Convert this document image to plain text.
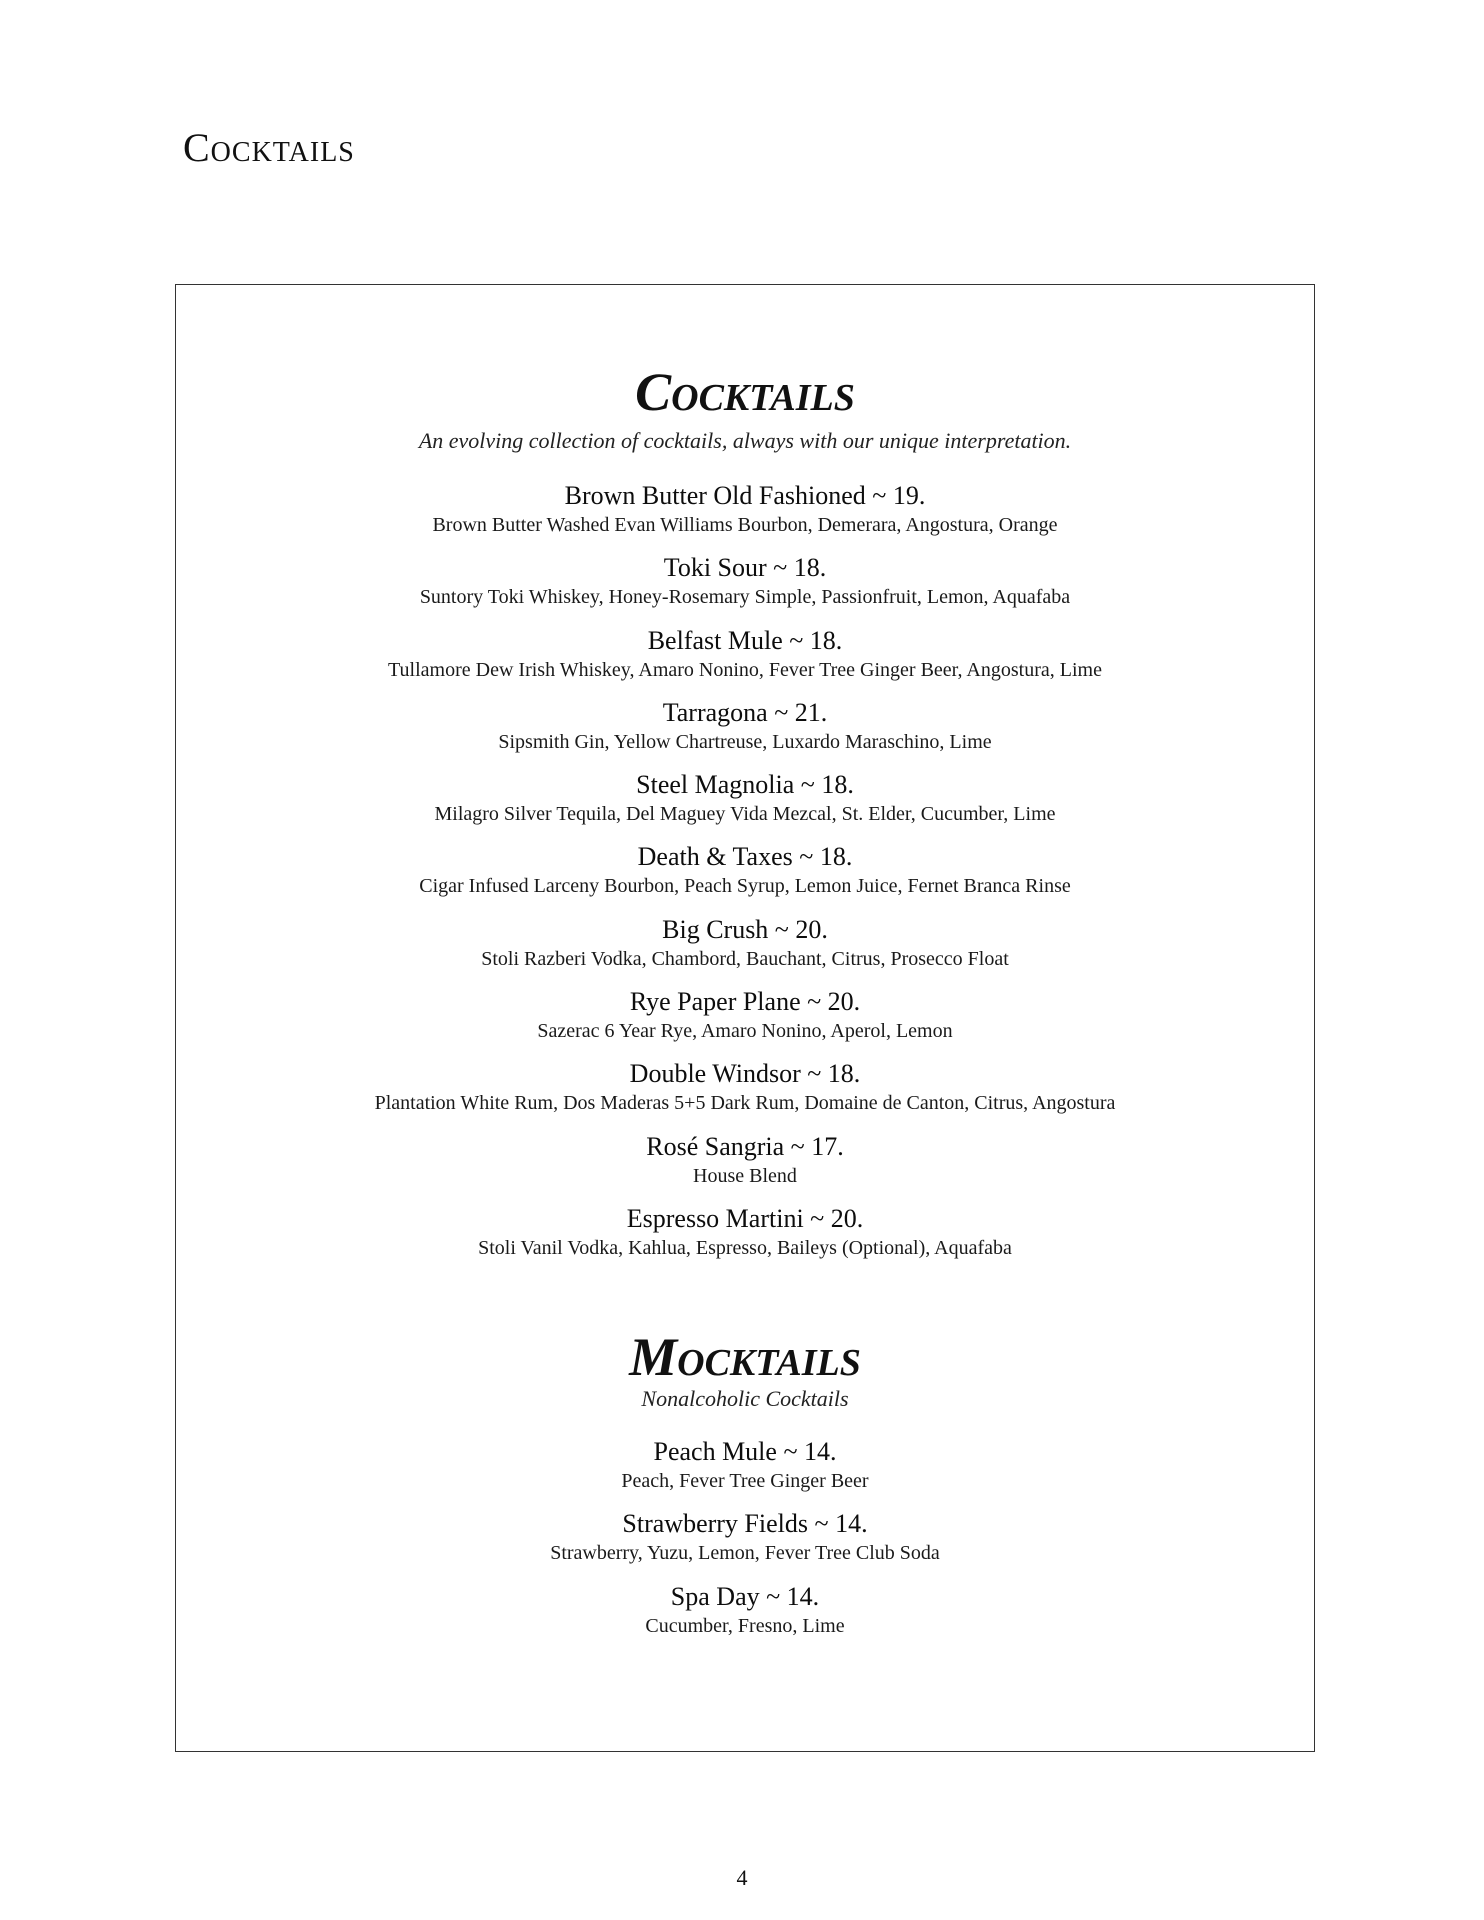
Cocktails
Cocktails

An evolving collection of cocktails, always with our unique interpretation.

Brown Butter Old Fashioned ~ 19.
Brown Butter Washed Evan Williams Bourbon, Demerara, Angostura, Orange
Toki Sour ~ 18.
Suntory Toki Whiskey, Honey-Rosemary Simple, Passionfruit, Lemon, Aquafaba
Belfast Mule ~ 18.
Tullamore Dew Irish Whiskey, Amaro Nonino, Fever Tree Ginger Beer, Angostura, Lime
Tarragona ~ 21.
Sipsmith Gin, Yellow Chartreuse, Luxardo Maraschino, Lime
Steel Magnolia ~ 18.
Milagro Silver Tequila, Del Maguey Vida Mezcal, St. Elder, Cucumber, Lime
Death & Taxes ~ 18.
Cigar Infused Larceny Bourbon, Peach Syrup, Lemon Juice, Fernet Branca Rinse
Big Crush ~ 20.
Stoli Razberi Vodka, Chambord, Bauchant, Citrus, Prosecco Float
Rye Paper Plane ~ 20.
Sazerac 6 Year Rye, Amaro Nonino, Aperol, Lemon
Double Windsor ~ 18.
Plantation White Rum, Dos Maderas 5+5 Dark Rum, Domaine de Canton, Citrus, Angostura
Rosé Sangria ~ 17.
House Blend
Espresso Martini ~ 20.
Stoli Vanil Vodka, Kahlua, Espresso, Baileys (Optional), Aquafaba
Mocktails

Nonalcoholic Cocktails

Peach Mule ~ 14.
Peach, Fever Tree Ginger Beer
Strawberry Fields ~ 14.
Strawberry, Yuzu, Lemon, Fever Tree Club Soda
Spa Day ~ 14.
Cucumber, Fresno, Lime
4
